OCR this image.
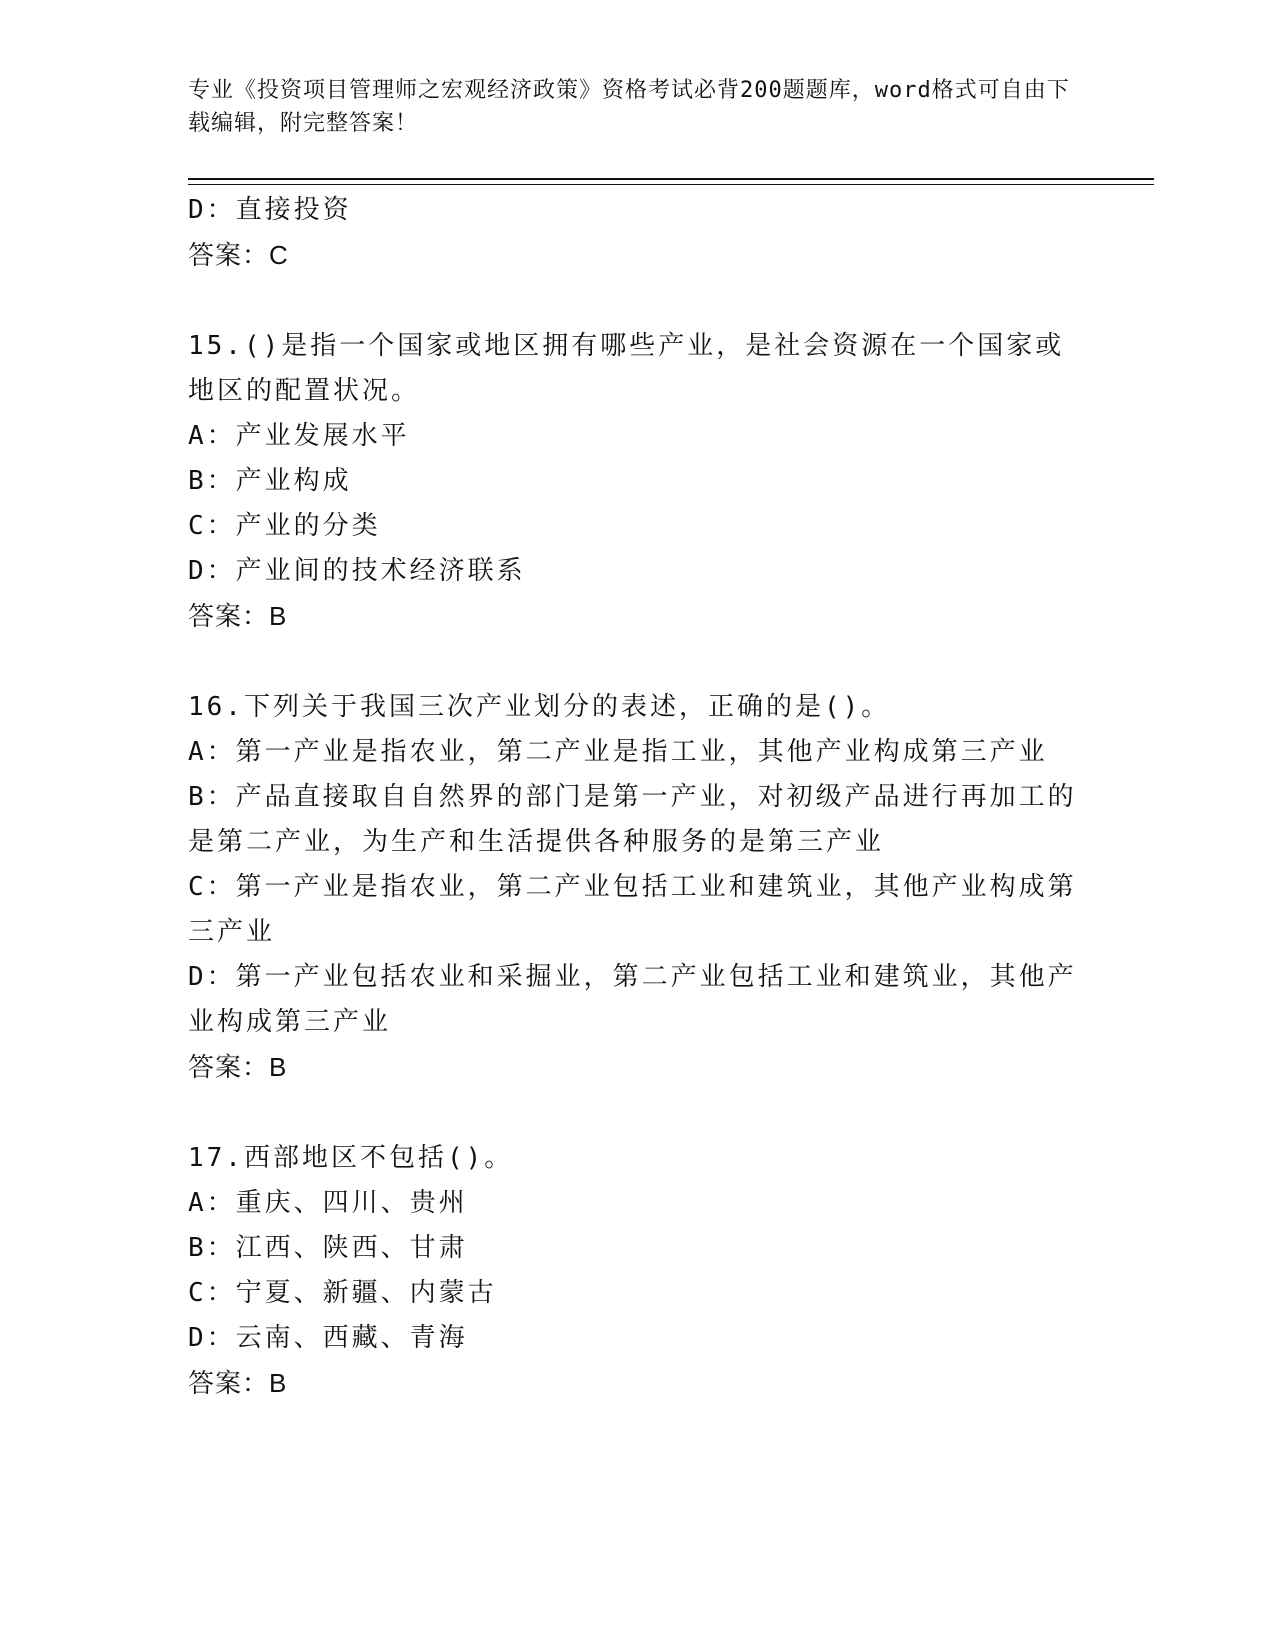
专业《投资项目管理师之宏观经济政策》资格考试必背200题题库，word格式可自由下载编辑，附完整答案！

D：直接投资

答案：C

15.()是指一个国家或地区拥有哪些产业，是社会资源在一个国家或地区的配置状况。

A：产业发展水平

B：产业构成

C：产业的分类

D：产业间的技术经济联系

答案：B

16.下列关于我国三次产业划分的表述，正确的是()。

A：第一产业是指农业，第二产业是指工业，其他产业构成第三产业

B：产品直接取自自然界的部门是第一产业，对初级产品进行再加工的是第二产业，为生产和生活提供各种服务的是第三产业

C：第一产业是指农业，第二产业包括工业和建筑业，其他产业构成第三产业

D：第一产业包括农业和采掘业，第二产业包括工业和建筑业，其他产业构成第三产业

答案：B

17.西部地区不包括()。

A：重庆、四川、贵州

B：江西、陕西、甘肃

C：宁夏、新疆、内蒙古

D：云南、西藏、青海

答案：B
